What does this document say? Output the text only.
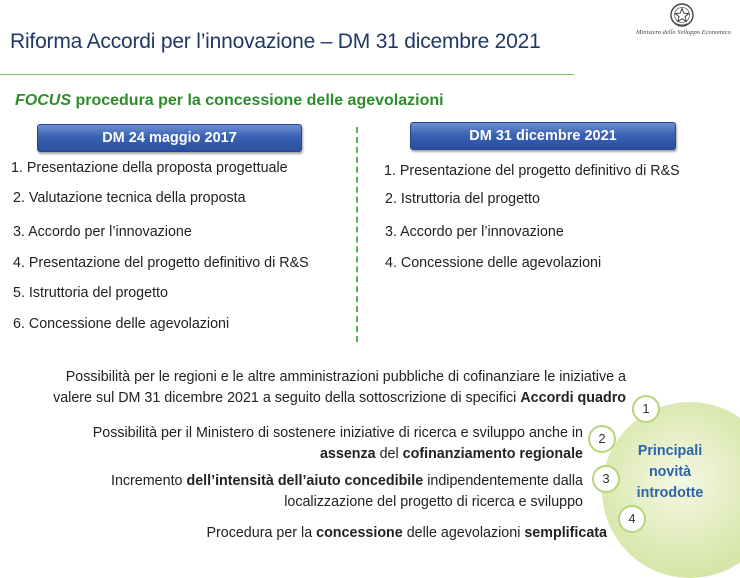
Riforma Accordi per l’innovazione – DM 31 dicembre 2021	Ministero dello Sviluppo Economico
FOCUS procedura per la concessione delle agevolazioni
DM 24 maggio 2017	DM 31 dicembre 2021
1. Presentazione della proposta progettuale
2. Valutazione tecnica della proposta
3. Accordo per l’innovazione
4. Presentazione del progetto definitivo di R&S
5. Istruttoria del progetto
6. Concessione delle agevolazioni
1. Presentazione del progetto definitivo di R&S
2. Istruttoria del progetto
3. Accordo per l’innovazione
4. Concessione delle agevolazioni
Principali
novità
introdotte
1
2
3
4
Possibilità per le regioni e le altre amministrazioni pubbliche di cofinanziare le iniziative a
valere sul DM 31 dicembre 2021 a seguito della sottoscrizione di specifici Accordi quadro
Possibilità per il Ministero di sostenere iniziative di ricerca e sviluppo anche in
assenza del cofinanziamento regionale
Incremento dell’intensità dell’aiuto concedibile indipendentemente dalla
localizzazione del progetto di ricerca e sviluppo
Procedura per la concessione delle agevolazioni semplificata
